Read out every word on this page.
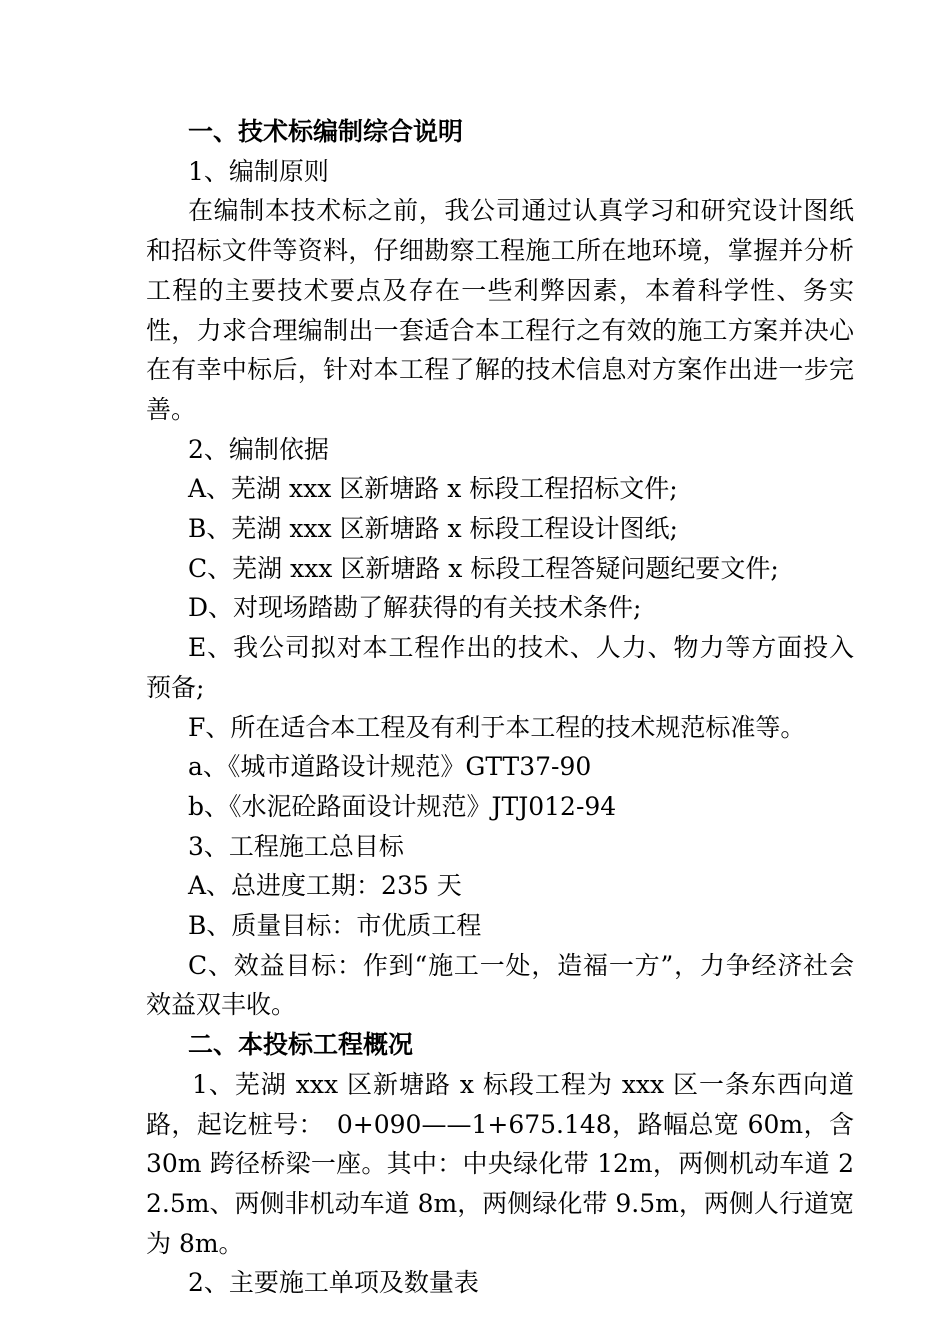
一、技术标编制综合说明

1、编制原则

在编制本技术标之前，我公司通过认真学习和研究设计图纸和招标文件等资料，仔细勘察工程施工所在地环境，掌握并分析工程的主要技术要点及存在一些利弊因素，本着科学性、务实性，力求合理编制出一套适合本工程行之有效的施工方案并决心在有幸中标后，针对本工程了解的技术信息对方案作出进一步完善。

2、编制依据

A、芜湖 xxx 区新塘路 x 标段工程招标文件;

B、芜湖 xxx 区新塘路 x 标段工程设计图纸;

C、芜湖 xxx 区新塘路 x 标段工程答疑问题纪要文件;

D、对现场踏勘了解获得的有关技术条件;

E、我公司拟对本工程作出的技术、人力、物力等方面投入预备;

F、所在适合本工程及有利于本工程的技术规范标准等。

a、《城市道路设计规范》GTT37-90

b、《水泥砼路面设计规范》JTJ012-94

3、工程施工总目标

A、总进度工期：235 天

B、质量目标：市优质工程

C、效益目标：作到“施工一处，造福一方”，力争经济社会效益双丰收。

二、本投标工程概况

1、芜湖 xxx 区新塘路 x 标段工程为 xxx 区一条东西向道路，起讫桩号：　0+090——1+675.148，路幅总宽 60m，含 30m 跨径桥梁一座。其中：中央绿化带 12m，两侧机动车道 22.5m、两侧非机动车道 8m，两侧绿化带 9.5m，两侧人行道宽为 8m。

2、主要施工单项及数量表
